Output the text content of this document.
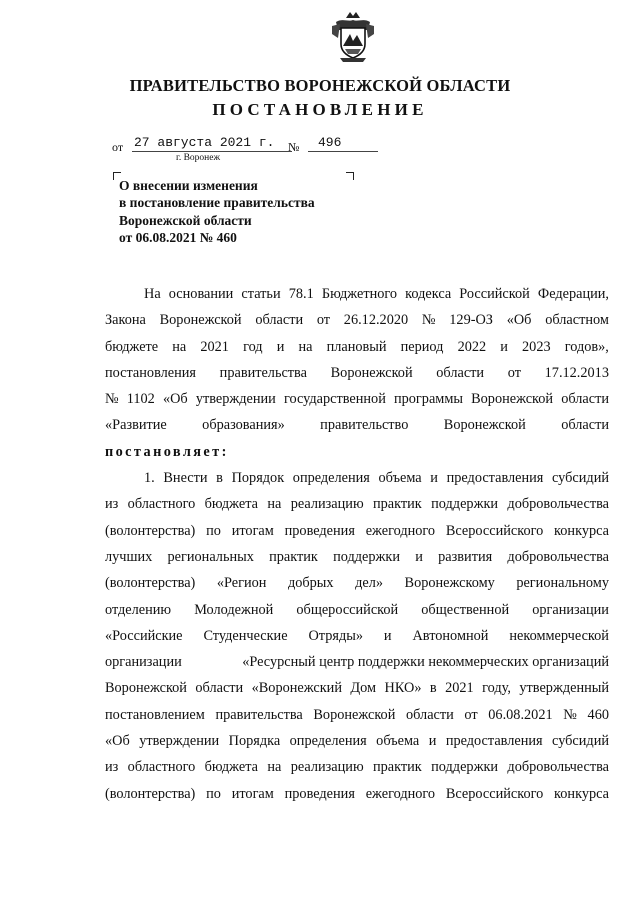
ПРАВИТЕЛЬСТВО ВОРОНЕЖСКОЙ ОБЛАСТИ
ПОСТАНОВЛЕНИЕ
от 27 августа 2021 г.	№	496
г. Воронеж
О внесении изменения
в постановление правительства
Воронежской области
от 06.08.2021 № 460
На основании статьи 78.1 Бюджетного кодекса Российской Федерации,
Закона Воронежской области от 26.12.2020 № 129-ОЗ «Об областном
бюджете на 2021 год и на плановый период 2022 и 2023 годов»,
постановления правительства Воронежской области от 17.12.2013
№ 1102 «Об утверждении государственной программы Воронежской области
«Развитие образования» правительство Воронежской области
постановляет:
1. Внести в Порядок определения объема и предоставления субсидий
из областного бюджета на реализацию практик поддержки добровольчества
(волонтерства) по итогам проведения ежегодного Всероссийского конкурса
лучших региональных практик поддержки и развития добровольчества
(волонтерства) «Регион добрых дел» Воронежскому региональному
отделению Молодежной общероссийской общественной организации
«Российские Студенческие Отряды» и Автономной некоммерческой
организации	«Ресурсный центр поддержки некоммерческих организаций
Воронежской области «Воронежский Дом НКО» в 2021 году, утвержденный
постановлением правительства Воронежской области от 06.08.2021 № 460
«Об утверждении Порядка определения объема и предоставления субсидий
из областного бюджета на реализацию практик поддержки добровольчества
(волонтерства) по итогам проведения ежегодного Всероссийского конкурса
